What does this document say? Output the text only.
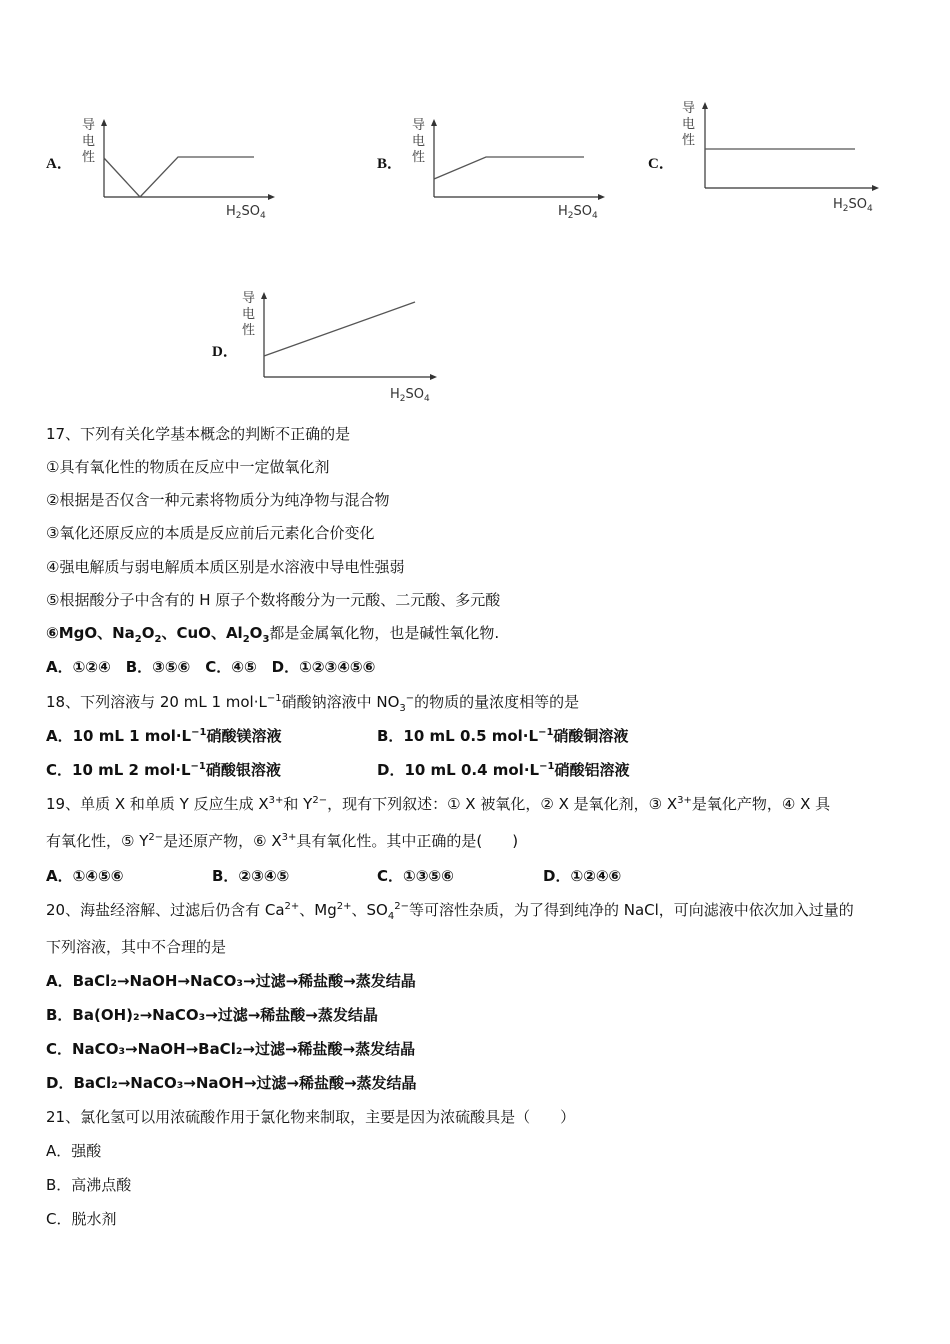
A．
导
电
性
$H_2SO_4$
B．
导
电
性
$H_2SO_4$
C．
导
电
性
$H_2SO_4$
D．
导
电
性
$H_2SO_4$
17、下列有关化学基本概念的判断不正确的是
①具有氧化性的物质在反应中一定做氧化剂
②根据是否仅含一种元素将物质分为纯净物与混合物
③氧化还原反应的本质是反应前后元素化合价变化
④强电解质与弱电解质本质区别是水溶液中导电性强弱
⑤根据酸分子中含有的 H 原子个数将酸分为一元酸、二元酸、多元酸
⑥MgO、$Na_2O_2$、CuO、$Al_2O_3$都是金属氧化物，也是碱性氧化物.
A．①②④　B．③⑤⑥　C．④⑤　D．①②③④⑤⑥
18、下列溶液与 20 mL 1 $mol\cdot L^{-1}$硝酸钠溶液中 $NO_3^-$的物质的量浓度相等的是
A．10 mL 1 $mol\cdot L^{-1}$硝酸镁溶液	B．10 mL 0.5 $mol\cdot L^{-1}$硝酸铜溶液
C．10 mL 2 $mol\cdot L^{-1}$硝酸银溶液	D．10 mL 0.4 $mol\cdot L^{-1}$硝酸铝溶液
19、单质 X 和单质 Y 反应生成 $X^{3+}$和 $Y^{2-}$，现有下列叙述：① X 被氧化，② X 是氧化剂，③ $X^{3+}$是氧化产物，④ X 具
有氧化性，⑤ $Y^{2-}$是还原产物，⑥ $X^{3+}$具有氧化性。其中正确的是(　　)
A．①④⑤⑥	B．②③④⑤	C．①③⑤⑥	D．①②④⑥
20、海盐经溶解、过滤后仍含有 $Ca^{2+}$、$Mg^{2+}$、$SO_4^{2-}$等可溶性杂质，为了得到纯净的 NaCl，可向滤液中依次加入过量的
下列溶液，其中不合理的是
A．BaCl₂→NaOH→NaCO₃→过滤→稀盐酸→蒸发结晶
B．Ba(OH)₂→NaCO₃→过滤→稀盐酸→蒸发结晶
C．NaCO₃→NaOH→BaCl₂→过滤→稀盐酸→蒸发结晶
D．BaCl₂→NaCO₃→NaOH→过滤→稀盐酸→蒸发结晶
21、氯化氢可以用浓硫酸作用于氯化物来制取，主要是因为浓硫酸具是（　　）
A．强酸
B．高沸点酸
C．脱水剂
